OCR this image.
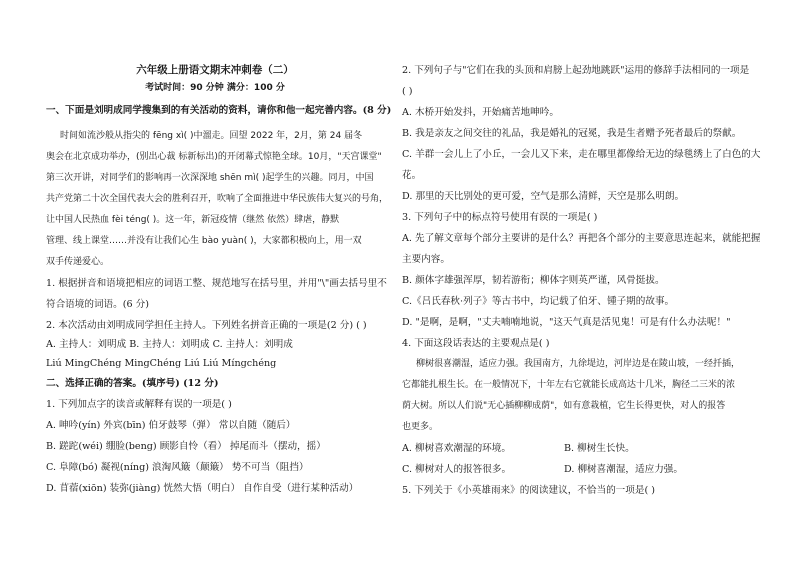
六年级上册语文期末冲刺卷（二）
考试时间：90 分钟 满分：100 分
一、下面是刘明成同学搜集到的有关活动的资料，请你和他一起完善内容。(8 分)
时间如流沙般从指尖的 fēng xì( )中溜走。回望 2022 年，2月，第 24 届冬
奥会在北京成功举办，(别出心裁 标新标出)的开闭幕式惊艳全球。10月，"天宫课堂"
第三次开讲，对同学们的影响再一次深深地 shēn mì( )起学生的兴趣。同月，中国
共产党第二十次全国代表大会的胜利召开，吹响了全面推进中华民族伟大复兴的号角，
让中国人民热血 fèi téng( )。这一年，新冠疫情（继然 依然）肆虐，静默
管理、线上课堂……并没有让我们心生 bào yuàn( )，大家都积极向上，用一双
双手传递爱心。
1. 根据拼音和语境把相应的词语工整、规范地写在括号里，并用"\"画去括号里不
符合语境的词语。(6 分)
2. 本次活动由刘明成同学担任主持人。下列姓名拼音正确的一项是(2 分) ( )
A. 主持人：刘明成 B. 主持人：刘明成 C. 主持人：刘明成
Liú MingChéng MingChéng Liú Liú Míngchéng
二、选择正确的答案。(填序号) (12 分)
1. 下列加点字的读音或解释有误的一项是( )
A. 呻吟(yín) 外宾(bīn) 伯牙鼓琴（弹） 常以自随（随后）
B. 蹉跎(wéi) 绷脸(beng) 顾影自怜（看） 掉尾而斗（摆动，摇）
C. 阜障(bó) 凝视(níng) 浪淘风簸（颠簸） 势不可当（阻挡）
D. 苜蓿(xiōn) 装弥(jiàng) 恍然大悟（明白） 自作自受（进行某种活动）
2. 下列句子与"它们在我的头顶和肩膀上起劲地跳跃"运用的修辞手法相同的一项是
( )
A. 木桥开始发抖，开始痛苦地呻吟。
B. 我是亲友之间交往的礼品，我是婚礼的冠冕，我是生者赠予死者最后的祭献。
C. 羊群一会儿上了小丘，一会儿又下来，走在哪里都像给无边的绿毯绣上了白色的大
花。
D. 那里的天比别处的更可爱，空气是那么清鲜，天空是那么明朗。
3. 下列句子中的标点符号使用有误的一项是( )
A. 先了解文章每个部分主要讲的是什么？再把各个部分的主要意思连起来，就能把握
主要内容。
B. 颜体字雄强浑厚，韧若游衔；柳体字则英严谨，风骨挺拔。
C.《吕氏春秋·列子》等古书中，均记载了伯牙、锺子期的故事。
D. "是啊，是啊，"丈夫喃喃地说，"这天气真是活见鬼！可是有什么办法呢！"
4. 下面这段话表达的主要观点是( )
柳树很喜潮湿，适应力强。我国南方，九徐堤边，河岸边是在陵山坡，一经扦插，
它都能扎根生长。在一般情况下，十年左右它就能长成高达十几米，胸径二三米的浓
荫大树。所以人们说"无心插柳柳成荫"，如有意栽植，它生长得更快，对人的报答
也更多。
A. 柳树喜欢潮湿的环境。	B. 柳树生长快。
C. 柳树对人的报答很多。	D. 柳树喜潮湿，适应力强。
5. 下列关于《小英雄雨来》的阅读建议，不恰当的一项是( )
